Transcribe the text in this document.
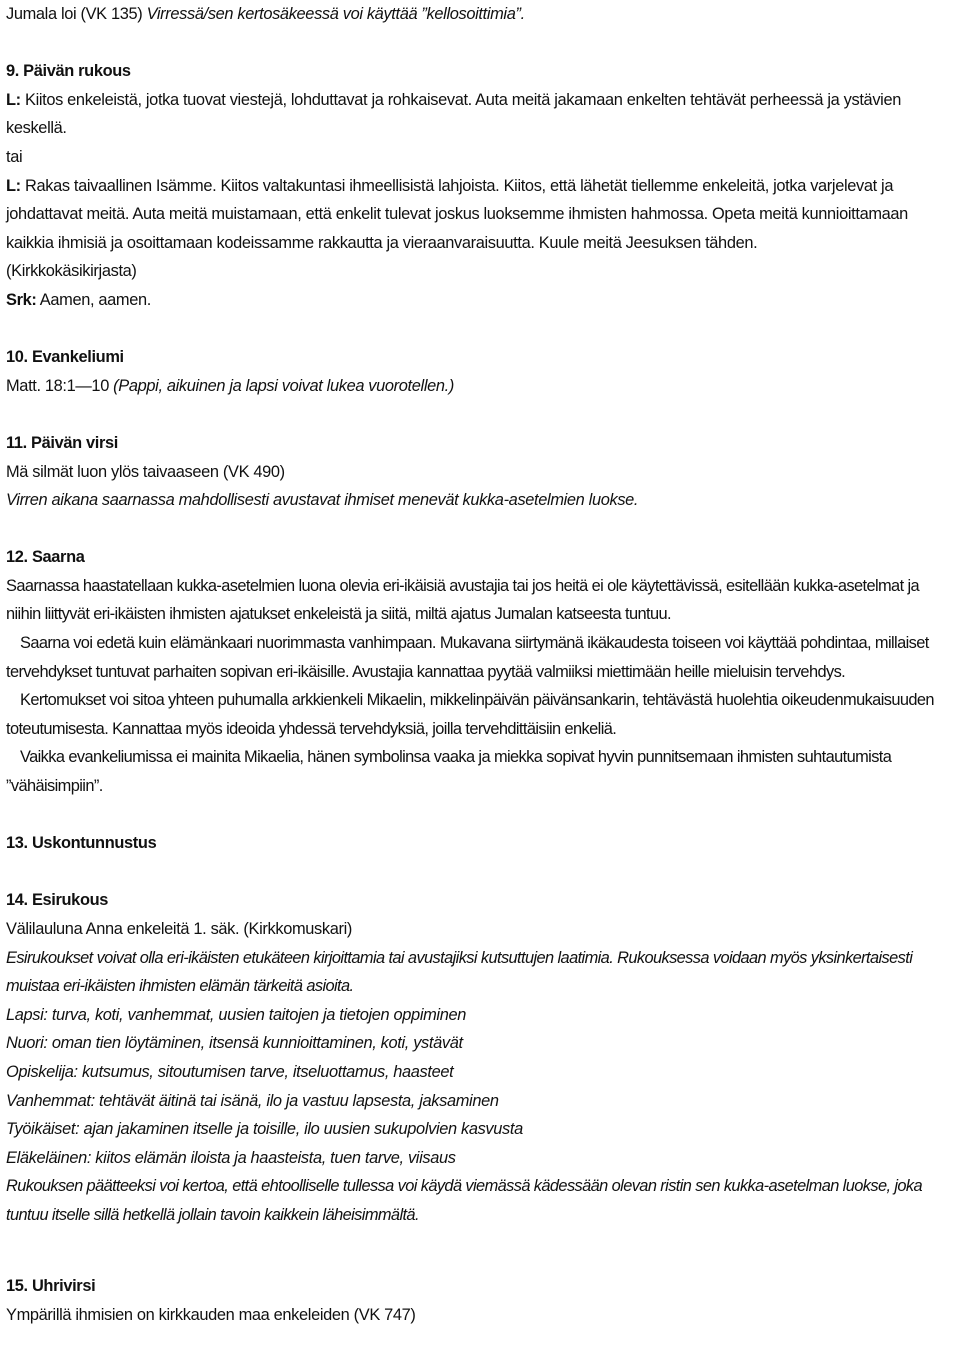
Jumala loi (VK 135) Virressä/sen kertosäkeessä voi käyttää ”kellosoittimia”.
9. Päivän rukous
L: Kiitos enkeleistä, jotka tuovat viestejä, lohduttavat ja rohkaisevat. Auta meitä jakamaan enkelten tehtävät perheessä ja ystävien keskellä.
tai
L: Rakas taivaallinen Isämme. Kiitos valtakuntasi ihmeellisistä lahjoista. Kiitos, että lähetät tiellemme enkeleitä, jotka varjelevat ja johdattavat meitä. Auta meitä muistamaan, että enkelit tulevat joskus luoksemme ihmisten hahmossa. Opeta meitä kunnioittamaan kaikkia ihmisiä ja osoittamaan kodeissamme rakkautta ja vieraanvaraisuutta. Kuule meitä Jeesuksen tähden.
(Kirkkokäsikirjasta)
Srk: Aamen, aamen.
10. Evankeliumi
Matt. 18:1—10 (Pappi, aikuinen ja lapsi voivat lukea vuorotellen.)
11. Päivän virsi
Mä silmät luon ylös taivaaseen (VK 490)
Virren aikana saarnassa mahdollisesti avustavat ihmiset menevät kukka-asetelmien luokse.
12. Saarna
Saarnassa haastatellaan kukka-asetelmien luona olevia eri-ikäisiä avustajia tai jos heitä ei ole käytettävissä, esitellään kukka-asetelmat ja niihin liittyvät eri-ikäisten ihmisten ajatukset enkeleistä ja siitä, miltä ajatus Jumalan katseesta tuntuu.
Saarna voi edetä kuin elämänkaari nuorimmasta vanhimpaan. Mukavana siirtymänä ikäkaudesta toiseen voi käyttää pohdintaa, millaiset tervehdykset tuntuvat parhaiten sopivan eri-ikäisille. Avustajia kannattaa pyytää valmiiksi miettimään heille mieluisin tervehdys.
Kertomukset voi sitoa yhteen puhumalla arkkienkeli Mikaelin, mikkelinpäivän päivänsankarin, tehtävästä huolehtia oikeudenmukaisuuden toteutumisesta. Kannattaa myös ideoida yhdessä tervehdyksiä, joilla tervehdittäisiin enkeliä.
Vaikka evankeliumissa ei mainita Mikaelia, hänen symbolinsa vaaka ja miekka sopivat hyvin punnitsemaan ihmisten suhtautumista ”vähäisimpiin”.
13. Uskontunnustus
14. Esirukous
Välilauluna Anna enkeleitä 1. säk. (Kirkkomuskari)
Esirukoukset voivat olla eri-ikäisten etukäteen kirjoittamia tai avustajiksi kutsuttujen laatimia. Rukouksessa voidaan myös yksinkertaisesti muistaa eri-ikäisten ihmisten elämän tärkeitä asioita.
Lapsi: turva, koti, vanhemmat, uusien taitojen ja tietojen oppiminen
Nuori: oman tien löytäminen, itsensä kunnioittaminen, koti, ystävät
Opiskelija: kutsumus, sitoutumisen tarve, itseluottamus, haasteet
Vanhemmat: tehtävät äitinä tai isänä, ilo ja vastuu lapsesta, jaksaminen
Työikäiset: ajan jakaminen itselle ja toisille, ilo uusien sukupolvien kasvusta
Eläkeläinen: kiitos elämän iloista ja haasteista, tuen tarve, viisaus
Rukouksen päätteeksi voi kertoa, että ehtoolliselle tullessa voi käydä viemässä kädessään olevan ristin sen kukka-asetelman luokse, joka tuntuu itselle sillä hetkellä jollain tavoin kaikkein läheisimmältä.
15. Uhrivirsi
Ympärillä ihmisien on kirkkauden maa enkeleiden (VK 747)
